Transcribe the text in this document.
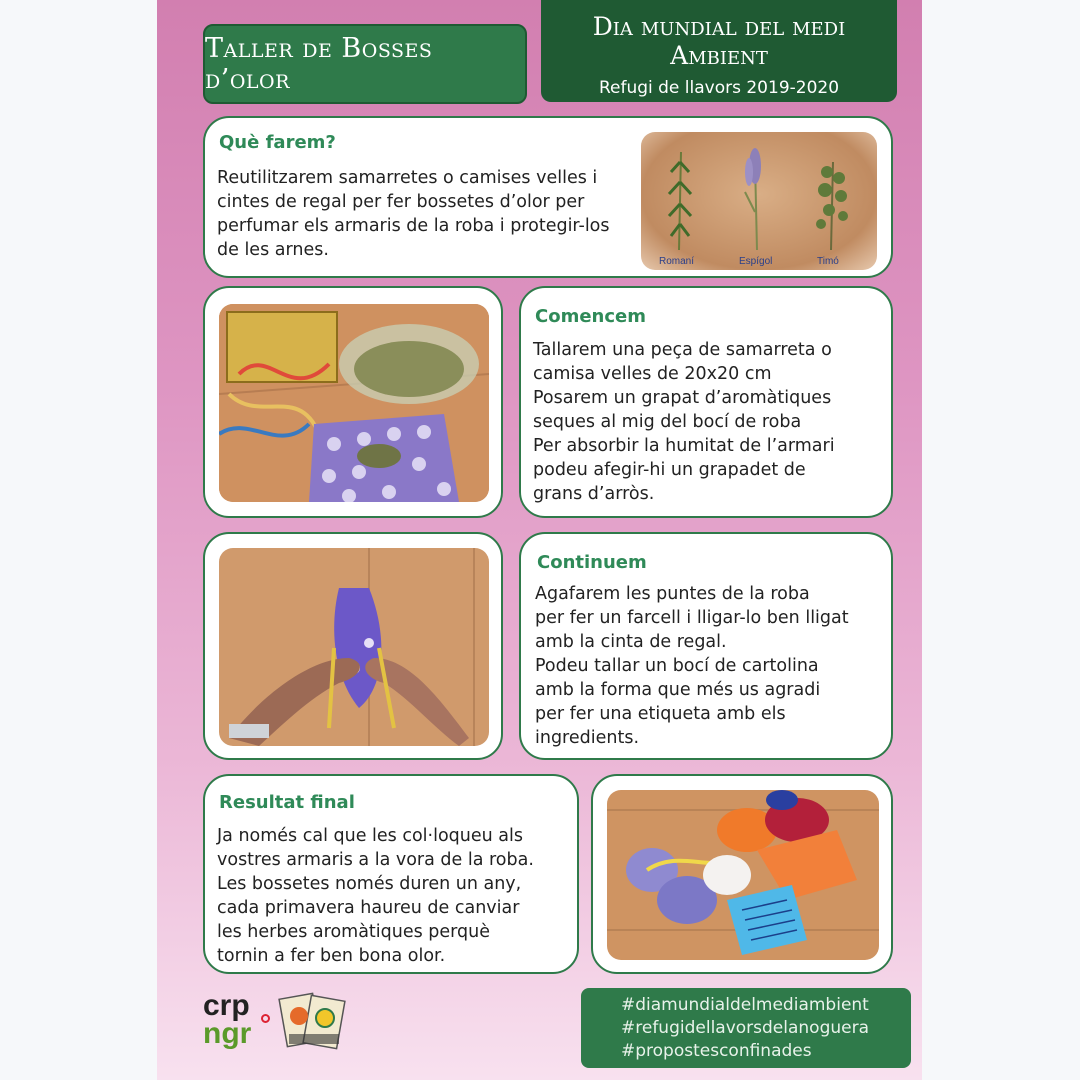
Taller de Bosses d’olor
Dia mundial del medi Ambient
Refugi de llavors 2019-2020
Què farem?

Reutilitzarem samarretes o camises velles i cintes de regal per fer bossetes d’olor per perfumar els armaris de la roba i protegir-los de les arnes.

Romaní	Espígol	Timó
Comencem

Tallarem una peça de samarreta o

camisa velles de 20x20 cm

Posarem un grapat d’aromàtiques

seques al mig del bocí de roba

Per absorbir la humitat de l’armari

podeu afegir-hi un grapadet de

grans d’arròs.

Continuem

Agafarem les puntes de la roba

per fer un farcell i lligar-lo ben lligat

amb la cinta de regal.

Podeu tallar un bocí de cartolina

amb la forma que més us agradi

per fer una etiqueta amb els

ingredients.

Resultat final

Ja només cal que les col·loqueu als

vostres armaris a la vora de la roba.

Les bossetes només duren un any,

cada primavera haureu de canviar

les herbes aromàtiques perquè

tornin a fer ben bona olor.

crp
ngr
#diamundialdelmediambient
#refugidellavorsdelanoguera
#propostesconfinades
